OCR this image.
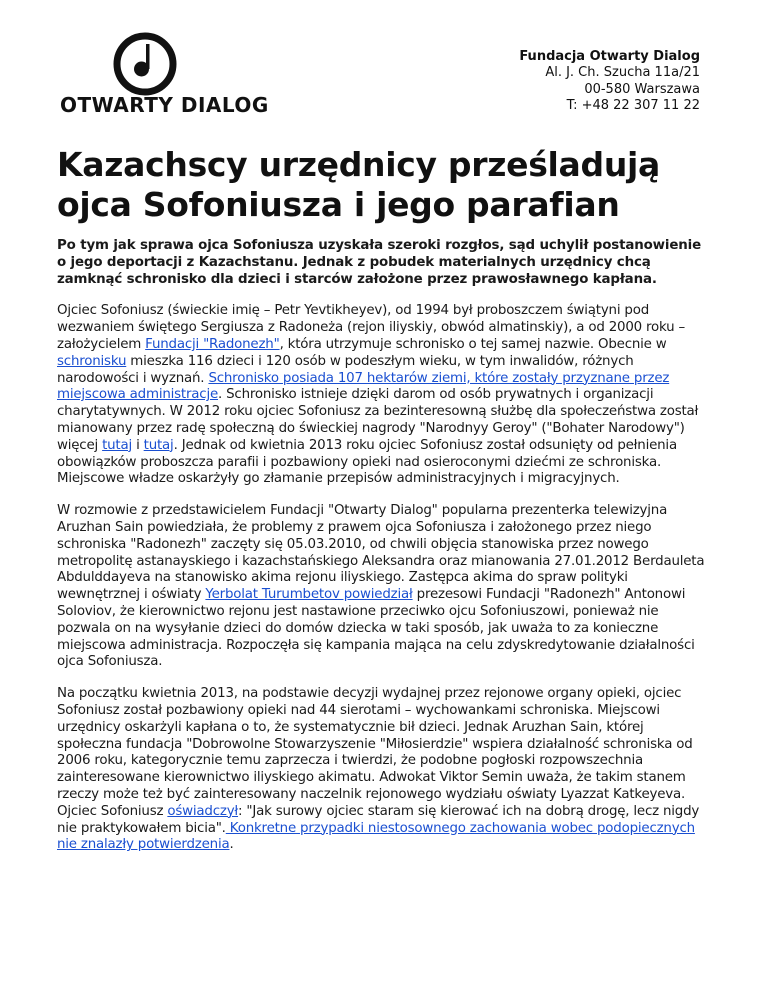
OTWARTY DIALOG
Fundacja Otwarty Dialog
Al. J. Ch. Szucha 11a/21
00-580 Warszawa
T: +48 22 307 11 22
Kazachscy urzędnicy prześladują ojca Sofoniusza i jego parafian

Po tym jak sprawa ojca Sofoniusza uzyskała szeroki rozgłos, sąd uchylił postanowienie o jego deportacji z Kazachstanu. Jednak z pobudek materialnych urzędnicy chcą zamknąć schronisko dla dzieci i starców założone przez prawosławnego kapłana.

Ojciec Sofoniusz (świeckie imię – Petr Yevtikheyev), od 1994 był proboszczem świątyni pod wezwaniem świętego Sergiusza z Radoneża (rejon iliyskiy, obwód almatinskiy), a od 2000 roku – założycielem Fundacji "Radonezh", która utrzymuje schronisko o tej samej nazwie. Obecnie w schronisku mieszka 116 dzieci i 120 osób w podeszłym wieku, w tym inwalidów, różnych narodowości i wyznań. Schronisko posiada 107 hektarów ziemi, które zostały przyznane przez miejscowa administracje. Schronisko istnieje dzięki darom od osób prywatnych i organizacji charytatywnych. W 2012 roku ojciec Sofoniusz za bezinteresowną służbę dla społeczeństwa został mianowany przez radę społeczną do świeckiej nagrody "Narodnyy Geroy" ("Bohater Narodowy") więcej tutaj i tutaj. Jednak od kwietnia 2013 roku ojciec Sofoniusz został odsunięty od pełnienia obowiązków proboszcza parafii i pozbawiony opieki nad osieroconymi dziećmi ze schroniska. Miejscowe władze oskarżyły go złamanie przepisów administracyjnych i migracyjnych.

W rozmowie z przedstawicielem Fundacji "Otwarty Dialog" popularna prezenterka telewizyjna Aruzhan Sain powiedziała, że problemy z prawem ojca Sofoniusza i założonego przez niego schroniska "Radonezh" zaczęty się 05.03.2010, od chwili objęcia stanowiska przez nowego metropolitę astanayskiego i kazachstańskiego Aleksandra oraz mianowania 27.01.2012 Berdauleta Abdulddayeva na stanowisko akima rejonu iliyskiego. Zastępca akima do spraw polityki wewnętrznej i oświaty Yerbolat Turumbetov powiedział prezesowi Fundacji "Radonezh" Antonowi Soloviov, że kierownictwo rejonu jest nastawione przeciwko ojcu Sofoniuszowi, ponieważ nie pozwala on na wysyłanie dzieci do domów dziecka w taki sposób, jak uważa to za konieczne miejscowa administracja. Rozpoczęła się kampania mająca na celu zdyskredytowanie działalności ojca Sofoniusza.

Na początku kwietnia 2013, na podstawie decyzji wydajnej przez rejonowe organy opieki, ojciec Sofoniusz został pozbawiony opieki nad 44 sierotami – wychowankami schroniska. Miejscowi urzędnicy oskarżyli kapłana o to, że systematycznie bił dzieci. Jednak Aruzhan Sain, której społeczna fundacja "Dobrowolne Stowarzyszenie "Miłosierdzie" wspiera działalność schroniska od 2006 roku, kategorycznie temu zaprzecza i twierdzi, że podobne pogłoski rozpowszechnia zainteresowane kierownictwo iliyskiego akimatu. Adwokat Viktor Semin uważa, że takim stanem rzeczy może też być zainteresowany naczelnik rejonowego wydziału oświaty Lyazzat Katkeyeva. Ojciec Sofoniusz oświadczył: "Jak surowy ojciec staram się kierować ich na dobrą drogę, lecz nigdy nie praktykowałem bicia". Konkretne przypadki niestosownego zachowania wobec podopiecznych nie znalazły potwierdzenia.
